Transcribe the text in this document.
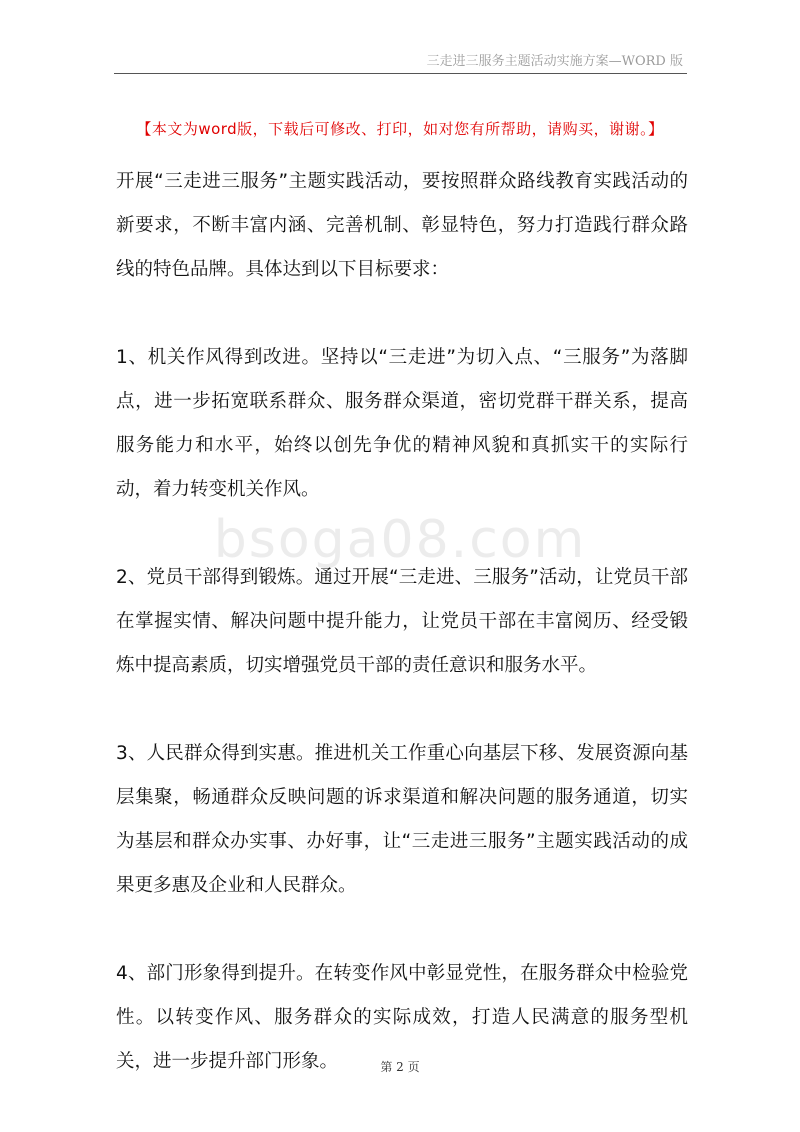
三走进三服务主题活动实施方案—WORD 版
【本文为word版，下载后可修改、打印，如对您有所帮助，请购买，谢谢。】
bsoga08.com

开展“三走进三服务”主题实践活动，要按照群众路线教育实践活动的新要求，不断丰富内涵、完善机制、彰显特色，努力打造践行群众路线的特色品牌。具体达到以下目标要求：

1、机关作风得到改进。坚持以“三走进”为切入点、“三服务”为落脚点，进一步拓宽联系群众、服务群众渠道，密切党群干群关系，提高服务能力和水平，始终以创先争优的精神风貌和真抓实干的实际行动，着力转变机关作风。

2、党员干部得到锻炼。通过开展“三走进、三服务”活动，让党员干部在掌握实情、解决问题中提升能力，让党员干部在丰富阅历、经受锻炼中提高素质，切实增强党员干部的责任意识和服务水平。

3、人民群众得到实惠。推进机关工作重心向基层下移、发展资源向基层集聚，畅通群众反映问题的诉求渠道和解决问题的服务通道，切实为基层和群众办实事、办好事，让“三走进三服务”主题实践活动的成果更多惠及企业和人民群众。

4、部门形象得到提升。在转变作风中彰显党性，在服务群众中检验党性。以转变作风、服务群众的实际成效，打造人民满意的服务型机关，进一步提升部门形象。	第 2 页
